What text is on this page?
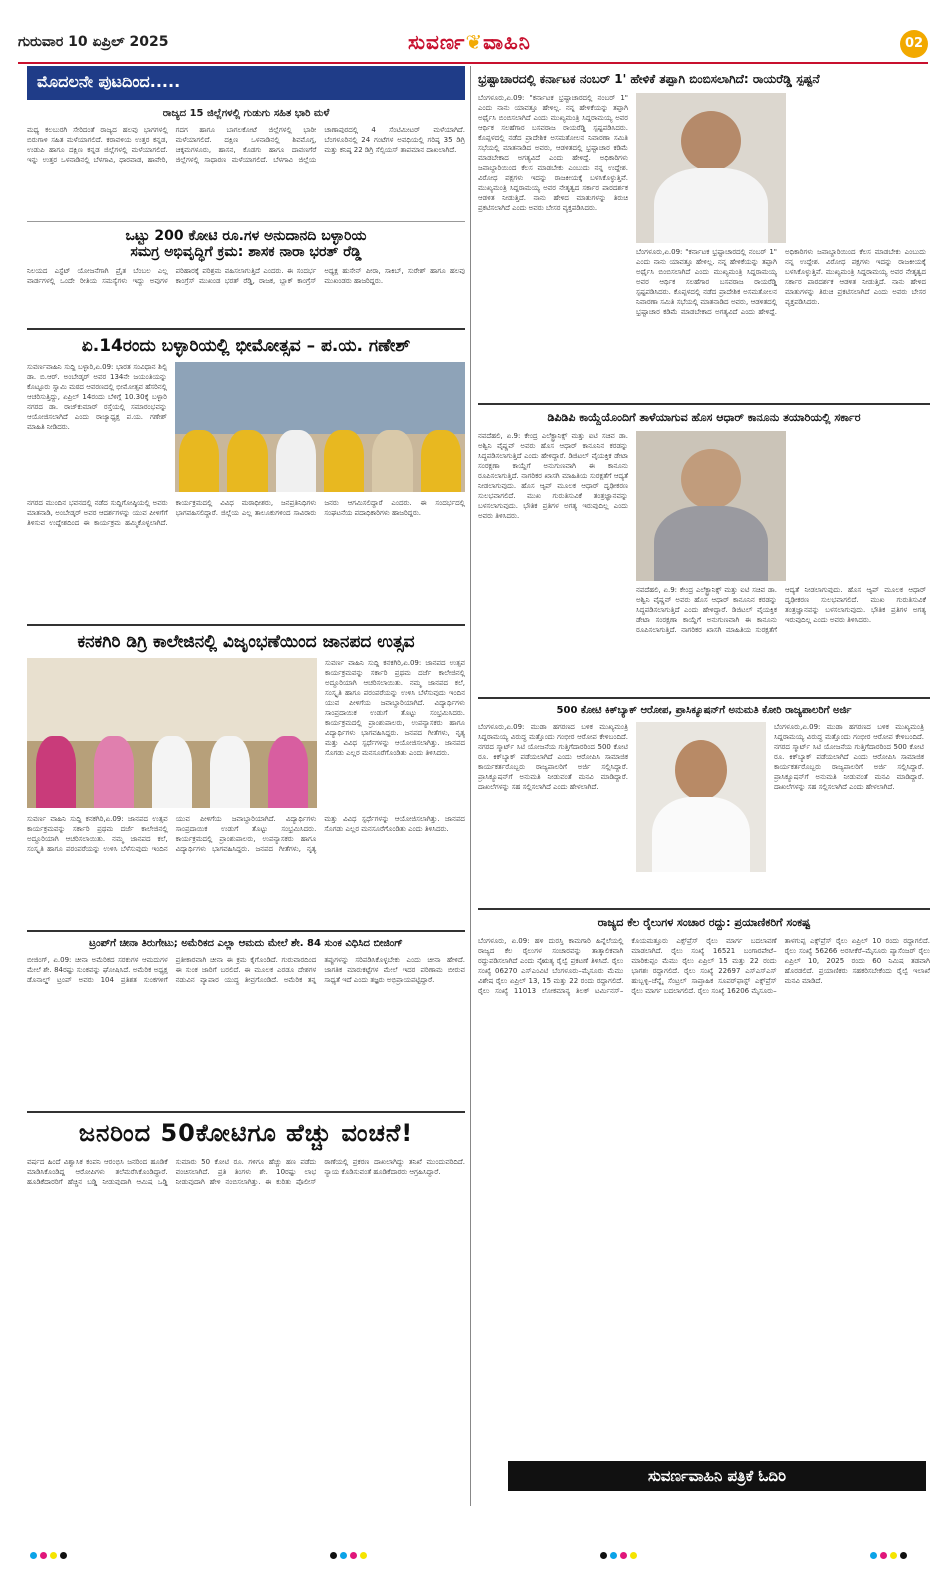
ಗುರುವಾರ 10 ಏಪ್ರಿಲ್ 2025	ಸುವರ್ಣ❦ವಾಹಿನಿ	02
ಮೊದಲನೇ ಪುಟದಿಂದ.....
ರಾಜ್ಯದ 15 ಜಿಲ್ಲೆಗಳಲ್ಲಿ ಗುಡುಗು ಸಹಿತ ಭಾರಿ ಮಳೆ
ಮಧ್ಯ ಕಲಬುರಗಿ ಸೇರಿದಂತೆ ರಾಜ್ಯದ ಹಲವು ಭಾಗಗಳಲ್ಲಿ ಬಿರುಗಾಳಿ ಸಹಿತ ಮಳೆಯಾಗಲಿದೆ. ಕರಾವಳಿಯ ಉತ್ತರ ಕನ್ನಡ, ಉಡುಪಿ ಹಾಗೂ ದಕ್ಷಿಣ ಕನ್ನಡ ಜಿಲ್ಲೆಗಳಲ್ಲಿ ಮಳೆಯಾಗಲಿದೆ. ಇನ್ನು ಉತ್ತರ ಒಳನಾಡಿನಲ್ಲಿ ಬೆಳಗಾವಿ, ಧಾರವಾಡ, ಹಾವೇರಿ, ಗದಗ ಹಾಗೂ ಬಾಗಲಕೋಟೆ ಜಿಲ್ಲೆಗಳಲ್ಲಿ ಭಾರೀ ಮಳೆಯಾಗಲಿದೆ. ದಕ್ಷಿಣ ಒಳನಾಡಿನಲ್ಲಿ ಶಿವಮೊಗ್ಗ, ಚಿಕ್ಕಮಗಳೂರು, ಹಾಸನ, ಕೊಡಗು ಹಾಗೂ ದಾವಣಗೆರೆ ಜಿಲ್ಲೆಗಳಲ್ಲಿ ಸಾಧಾರಣ ಮಳೆಯಾಗಲಿದೆ. ಬೆಳಗಾವಿ ಜಿಲ್ಲೆಯ ಚಾಣಾಪುರದಲ್ಲಿ 4 ಸೆಂಟಿಮೀಟರ್ ಮಳೆಯಾಗಿದೆ. ಬೆಂಗಳೂರಿನಲ್ಲಿ 24 ಗಂಟೆಗಳ ಅವಧಿಯಲ್ಲಿ ಗರಿಷ್ಠ 35 ಡಿಗ್ರಿ ಮತ್ತು ಕನಿಷ್ಠ 22 ಡಿಗ್ರಿ ಸೆಲ್ಸಿಯಸ್ ತಾಪಮಾನ ದಾಖಲಾಗಿದೆ.
ಒಟ್ಟು 200 ಕೋಟಿ ರೂ.ಗಳ ಅನುದಾನದಿ ಬಳ್ಳಾರಿಯ
ಸಮಗ್ರ ಅಭಿವೃದ್ಧಿಗೆ ಕ್ರಮ: ಶಾಸಕ ನಾರಾ ಭರತ್ ರೆಡ್ಡಿ
ನಿಲಯದ ಎಸ್ಟೆಟ್ ಯೋಜನೆಗಾಗಿ ಪ್ರೈತ ಬೆಂಬಲ ಎಲ್ಲ ವಾರ್ಡಗಳಲ್ಲಿ ಒಂದೇ ರೀತಿಯ ಸಮಸ್ಯೆಗಳು ಇದ್ದು ಅವುಗಳ ಪರಿಹಾರಕ್ಕೆ ಪರಿಶ್ರಮ ವಹಿಸಲಾಗುತ್ತಿದೆ ಎಂದರು. ಈ ಸಂದರ್ಭ ಕಾಂಗ್ರೆಸ್ ಮುಖಂಡ ಭರತ್ ರೆಡ್ಡಿ, ರಾಜಕ, ಬ್ಲಾಕ್ ಕಾಂಗ್ರೆಸ್ ಅಧ್ಯಕ್ಷ ಹುಸೇನ್ ಪೀರಾ, ಸಾಕಿಬ್, ಸುರೇಶ್ ಹಾಗೂ ಹಲವು ಮುಖಂಡರು ಹಾಜರಿದ್ದರು.
ಏ.14ರಂದು ಬಳ್ಳಾರಿಯಲ್ಲಿ ಭೀಮೋತ್ಸವ – ಪ.ಯ. ಗಣೇಶ್
ಸುವರ್ಣವಾಹಿನಿ ಸುದ್ದಿ ಬಳ್ಳಾರಿ,ಏ.09: ಭಾರತ ಸಂವಿಧಾನ ಶಿಲ್ಪಿ ಡಾ. ಬಿ.ಆರ್. ಅಂಬೇಡ್ಕರ್ ಅವರ 134ನೇ ಜಯಂತಿಯನ್ನು ಕೊಟ್ಟೂರು ಸ್ವಾಮಿ ಮಠದ ಆವರಣದಲ್ಲಿ ಭೀಮೋತ್ಸವ ಹೆಸರಿನಲ್ಲಿ ಆಚರಿಸುತ್ತಿದ್ದು, ಏಪ್ರಿಲ್ 14ರಂದು ಬೆಳಿಗ್ಗೆ 10.30ಕ್ಕೆ ಬಳ್ಳಾರಿ ನಗರದ ಡಾ. ರಾಜ್‌ಕುಮಾರ್ ರಸ್ತೆಯಲ್ಲಿ ಸಮಾರಂಭವನ್ನು ಆಯೋಜಿಸಲಾಗಿದೆ ಎಂದು ರಾಜ್ಯಾಧ್ಯಕ್ಷ ಪ.ಯ. ಗಣೇಶ್ ಮಾಹಿತಿ ನೀಡಿದರು.
ನಗರದ ಮುಂದಿನ ಭವನದಲ್ಲಿ ನಡೆದ ಸುದ್ದಿಗೋಷ್ಠಿಯಲ್ಲಿ ಅವರು ಮಾತನಾಡಿ, ಅಂಬೇಡ್ಕರ್ ಅವರ ಆದರ್ಶಗಳನ್ನು ಯುವ ಪೀಳಿಗೆಗೆ ತಿಳಿಸುವ ಉದ್ದೇಶದಿಂದ ಈ ಕಾರ್ಯಕ್ರಮ ಹಮ್ಮಿಕೊಳ್ಳಲಾಗಿದೆ. ಕಾರ್ಯಕ್ರಮದಲ್ಲಿ ವಿವಿಧ ಮಠಾಧೀಶರು, ಜನಪ್ರತಿನಿಧಿಗಳು ಭಾಗವಹಿಸಲಿದ್ದಾರೆ. ಜಿಲ್ಲೆಯ ಎಲ್ಲ ತಾಲೂಕುಗಳಿಂದ ಸಾವಿರಾರು ಜನರು ಆಗಮಿಸಲಿದ್ದಾರೆ ಎಂದರು. ಈ ಸಂದರ್ಭದಲ್ಲಿ ಸಂಘಟನೆಯ ಪದಾಧಿಕಾರಿಗಳು ಹಾಜರಿದ್ದರು.
ಕನಕಗಿರಿ ಡಿಗ್ರಿ ಕಾಲೇಜಿನಲ್ಲಿ ವಿಜೃಂಭಣೆಯಿಂದ ಜಾನಪದ ಉತ್ಸವ
ಸುವರ್ಣ ವಾಹಿನಿ ಸುದ್ದಿ ಕನಕಗಿರಿ,ಏ.09: ಜಾನಪದ ಉತ್ಸವ ಕಾರ್ಯಕ್ರಮವನ್ನು ಸರ್ಕಾರಿ ಪ್ರಥಮ ದರ್ಜೆ ಕಾಲೇಜಿನಲ್ಲಿ ಅದ್ದೂರಿಯಾಗಿ ಆಚರಿಸಲಾಯಿತು. ನಮ್ಮ ಜಾನಪದ ಕಲೆ, ಸಂಸ್ಕೃತಿ ಹಾಗೂ ಪರಂಪರೆಯನ್ನು ಉಳಿಸಿ ಬೆಳೆಸುವುದು ಇಂದಿನ ಯುವ ಪೀಳಿಗೆಯ ಜವಾಬ್ದಾರಿಯಾಗಿದೆ. ವಿದ್ಯಾರ್ಥಿಗಳು ಸಾಂಪ್ರದಾಯಿಕ ಉಡುಗೆ ತೊಟ್ಟು ಸಂಭ್ರಮಿಸಿದರು. ಕಾರ್ಯಕ್ರಮದಲ್ಲಿ ಪ್ರಾಂಶುಪಾಲರು, ಉಪನ್ಯಾಸಕರು ಹಾಗೂ ವಿದ್ಯಾರ್ಥಿಗಳು ಭಾಗವಹಿಸಿದ್ದರು. ಜನಪದ ಗೀತೆಗಳು, ನೃತ್ಯ ಮತ್ತು ವಿವಿಧ ಸ್ಪರ್ಧೆಗಳನ್ನು ಆಯೋಜಿಸಲಾಗಿತ್ತು. ಜಾನಪದ ಸೊಗಡು ಎಲ್ಲರ ಮನಸೂರೆಗೊಂಡಿತು ಎಂದು ತಿಳಿಸಿದರು.
ಸುವರ್ಣ ವಾಹಿನಿ ಸುದ್ದಿ ಕನಕಗಿರಿ,ಏ.09: ಜಾನಪದ ಉತ್ಸವ ಕಾರ್ಯಕ್ರಮವನ್ನು ಸರ್ಕಾರಿ ಪ್ರಥಮ ದರ್ಜೆ ಕಾಲೇಜಿನಲ್ಲಿ ಅದ್ದೂರಿಯಾಗಿ ಆಚರಿಸಲಾಯಿತು. ನಮ್ಮ ಜಾನಪದ ಕಲೆ, ಸಂಸ್ಕೃತಿ ಹಾಗೂ ಪರಂಪರೆಯನ್ನು ಉಳಿಸಿ ಬೆಳೆಸುವುದು ಇಂದಿನ ಯುವ ಪೀಳಿಗೆಯ ಜವಾಬ್ದಾರಿಯಾಗಿದೆ. ವಿದ್ಯಾರ್ಥಿಗಳು ಸಾಂಪ್ರದಾಯಿಕ ಉಡುಗೆ ತೊಟ್ಟು ಸಂಭ್ರಮಿಸಿದರು. ಕಾರ್ಯಕ್ರಮದಲ್ಲಿ ಪ್ರಾಂಶುಪಾಲರು, ಉಪನ್ಯಾಸಕರು ಹಾಗೂ ವಿದ್ಯಾರ್ಥಿಗಳು ಭಾಗವಹಿಸಿದ್ದರು. ಜನಪದ ಗೀತೆಗಳು, ನೃತ್ಯ ಮತ್ತು ವಿವಿಧ ಸ್ಪರ್ಧೆಗಳನ್ನು ಆಯೋಜಿಸಲಾಗಿತ್ತು. ಜಾನಪದ ಸೊಗಡು ಎಲ್ಲರ ಮನಸೂರೆಗೊಂಡಿತು ಎಂದು ತಿಳಿಸಿದರು.
ಟ್ರಂಪ್‌ಗೆ ಚೀನಾ ತಿರುಗೇಟು; ಅಮೆರಿಕದ ಎಲ್ಲಾ ಆಮದು ಮೇಲೆ ಶೇ. 84 ಸುಂಕ ವಿಧಿಸಿದ ಬೀಜಿಂಗ್
ಬೀಜಿಂಗ್, ಏ.09: ಚೀನಾ ಅಮೆರಿಕದ ಸರಕುಗಳ ಆಮದುಗಳ ಮೇಲೆ ಶೇ. 84ರಷ್ಟು ಸುಂಕವನ್ನು ಘೋಷಿಸಿದೆ. ಅಮೆರಿಕ ಅಧ್ಯಕ್ಷ ಡೊನಾಲ್ಡ್ ಟ್ರಂಪ್ ಅವರು 104 ಪ್ರತಿಶತ ಸುಂಕಗಳಿಗೆ ಪ್ರತೀಕಾರವಾಗಿ ಚೀನಾ ಈ ಕ್ರಮ ಕೈಗೊಂಡಿದೆ. ಗುರುವಾರದಿಂದ ಈ ಸುಂಕ ಜಾರಿಗೆ ಬರಲಿದೆ. ಈ ಮೂಲಕ ಎರಡೂ ದೇಶಗಳ ನಡುವಿನ ವ್ಯಾಪಾರ ಯುದ್ಧ ತೀವ್ರಗೊಂಡಿದೆ. ಅಮೆರಿಕ ತನ್ನ ತಪ್ಪುಗಳನ್ನು ಸರಿಪಡಿಸಿಕೊಳ್ಳಬೇಕು ಎಂದು ಚೀನಾ ಹೇಳಿದೆ. ಜಾಗತಿಕ ಮಾರುಕಟ್ಟೆಗಳ ಮೇಲೆ ಇದರ ಪರಿಣಾಮ ಬೀರುವ ಸಾಧ್ಯತೆ ಇದೆ ಎಂದು ತಜ್ಞರು ಅಭಿಪ್ರಾಯಪಟ್ಟಿದ್ದಾರೆ.
ಜನರಿಂದ 50ಕೋಟಿಗೂ ಹೆಚ್ಚು ವಂಚನೆ!
ವರ್ಷದ ಹಿಂದೆ ವಿಶ್ವಾಸಿಕ ಕಂಪನಿ ಆರಂಭಿಸಿ ಜನರಿಂದ ಹೂಡಿಕೆ ಮಾಡಿಸಿಕೊಂಡಿದ್ದ ಆರೋಪಿಗಳು ತಲೆಮರೆಸಿಕೊಂಡಿದ್ದಾರೆ. ಹೂಡಿಕೆದಾರರಿಗೆ ಹೆಚ್ಚಿನ ಬಡ್ಡಿ ನೀಡುವುದಾಗಿ ಆಮಿಷ ಒಡ್ಡಿ ಸುಮಾರು 50 ಕೋಟಿ ರೂ. ಗಳಿಗೂ ಹೆಚ್ಚು ಹಣ ಪಡೆದು ವಂಚಿಸಲಾಗಿದೆ. ಪ್ರತಿ ತಿಂಗಳು ಶೇ. 10ರಷ್ಟು ಲಾಭ ನೀಡುವುದಾಗಿ ಹೇಳಿ ನಂಬಿಸಲಾಗಿತ್ತು. ಈ ಕುರಿತು ಪೊಲೀಸ್ ಠಾಣೆಯಲ್ಲಿ ಪ್ರಕರಣ ದಾಖಲಾಗಿದ್ದು ತನಿಖೆ ಮುಂದುವರಿದಿದೆ. ನ್ಯಾಯ ಕೊಡಿಸುವಂತೆ ಹೂಡಿಕೆದಾರರು ಆಗ್ರಹಿಸಿದ್ದಾರೆ.
ಭ್ರಷ್ಟಾಚಾರದಲ್ಲಿ ಕರ್ನಾಟಕ ನಂಬರ್ 1' ಹೇಳಿಕೆ ತಪ್ಪಾಗಿ ಬಿಂಬಿಸಲಾಗಿದೆ: ರಾಯರೆಡ್ಡಿ ಸ್ಪಷ್ಟನೆ
ಬೆಂಗಳೂರು,ಏ.09: "ಕರ್ನಾಟಕ ಭ್ರಷ್ಟಾಚಾರದಲ್ಲಿ ನಂಬರ್ 1" ಎಂದು ನಾನು ಯಾವತ್ತೂ ಹೇಳಿಲ್ಲ. ನನ್ನ ಹೇಳಿಕೆಯನ್ನು ತಪ್ಪಾಗಿ ಅರ್ಥೈಸಿ ಬಿಂಬಿಸಲಾಗಿದೆ ಎಂದು ಮುಖ್ಯಮಂತ್ರಿ ಸಿದ್ದರಾಮಯ್ಯ ಅವರ ಆರ್ಥಿಕ ಸಲಹೆಗಾರ ಬಸವರಾಜ ರಾಯರೆಡ್ಡಿ ಸ್ಪಷ್ಟಪಡಿಸಿದರು. ಕೊಪ್ಪಳದಲ್ಲಿ ನಡೆದ ಪ್ರಾದೇಶಿಕ ಅಸಮತೋಲನ ನಿವಾರಣಾ ಸಮಿತಿ ಸಭೆಯಲ್ಲಿ ಮಾತನಾಡಿದ ಅವರು, ಆಡಳಿತದಲ್ಲಿ ಭ್ರಷ್ಟಾಚಾರ ಕಡಿಮೆ ಮಾಡಬೇಕಾದ ಅಗತ್ಯವಿದೆ ಎಂದು ಹೇಳಿದ್ದೆ. ಅಧಿಕಾರಿಗಳು ಜವಾಬ್ದಾರಿಯಿಂದ ಕೆಲಸ ಮಾಡಬೇಕು ಎಂಬುದು ನನ್ನ ಉದ್ದೇಶ. ವಿರೋಧ ಪಕ್ಷಗಳು ಇದನ್ನು ರಾಜಕೀಯಕ್ಕೆ ಬಳಸಿಕೊಳ್ಳುತ್ತಿವೆ. ಮುಖ್ಯಮಂತ್ರಿ ಸಿದ್ದರಾಮಯ್ಯ ಅವರ ನೇತೃತ್ವದ ಸರ್ಕಾರ ಪಾರದರ್ಶಕ ಆಡಳಿತ ನೀಡುತ್ತಿದೆ. ನಾನು ಹೇಳಿದ ಮಾತುಗಳನ್ನು ತಿರುಚಿ ಪ್ರಕಟಿಸಲಾಗಿದೆ ಎಂದು ಅವರು ಬೇಸರ ವ್ಯಕ್ತಪಡಿಸಿದರು.
ಬೆಂಗಳೂರು,ಏ.09: "ಕರ್ನಾಟಕ ಭ್ರಷ್ಟಾಚಾರದಲ್ಲಿ ನಂಬರ್ 1" ಎಂದು ನಾನು ಯಾವತ್ತೂ ಹೇಳಿಲ್ಲ. ನನ್ನ ಹೇಳಿಕೆಯನ್ನು ತಪ್ಪಾಗಿ ಅರ್ಥೈಸಿ ಬಿಂಬಿಸಲಾಗಿದೆ ಎಂದು ಮುಖ್ಯಮಂತ್ರಿ ಸಿದ್ದರಾಮಯ್ಯ ಅವರ ಆರ್ಥಿಕ ಸಲಹೆಗಾರ ಬಸವರಾಜ ರಾಯರೆಡ್ಡಿ ಸ್ಪಷ್ಟಪಡಿಸಿದರು. ಕೊಪ್ಪಳದಲ್ಲಿ ನಡೆದ ಪ್ರಾದೇಶಿಕ ಅಸಮತೋಲನ ನಿವಾರಣಾ ಸಮಿತಿ ಸಭೆಯಲ್ಲಿ ಮಾತನಾಡಿದ ಅವರು, ಆಡಳಿತದಲ್ಲಿ ಭ್ರಷ್ಟಾಚಾರ ಕಡಿಮೆ ಮಾಡಬೇಕಾದ ಅಗತ್ಯವಿದೆ ಎಂದು ಹೇಳಿದ್ದೆ. ಅಧಿಕಾರಿಗಳು ಜವಾಬ್ದಾರಿಯಿಂದ ಕೆಲಸ ಮಾಡಬೇಕು ಎಂಬುದು ನನ್ನ ಉದ್ದೇಶ. ವಿರೋಧ ಪಕ್ಷಗಳು ಇದನ್ನು ರಾಜಕೀಯಕ್ಕೆ ಬಳಸಿಕೊಳ್ಳುತ್ತಿವೆ. ಮುಖ್ಯಮಂತ್ರಿ ಸಿದ್ದರಾಮಯ್ಯ ಅವರ ನೇತೃತ್ವದ ಸರ್ಕಾರ ಪಾರದರ್ಶಕ ಆಡಳಿತ ನೀಡುತ್ತಿದೆ. ನಾನು ಹೇಳಿದ ಮಾತುಗಳನ್ನು ತಿರುಚಿ ಪ್ರಕಟಿಸಲಾಗಿದೆ ಎಂದು ಅವರು ಬೇಸರ ವ್ಯಕ್ತಪಡಿಸಿದರು.
ಡಿಪಿಡಿಪಿ ಕಾಯ್ದೆಯೊಂದಿಗೆ ತಾಳೆಯಾಗುವ ಹೊಸ ಆಧಾರ್ ಕಾನೂನು ತಯಾರಿಯಲ್ಲಿ ಸರ್ಕಾರ
ನವದೆಹಲಿ, ಏ.9: ಕೇಂದ್ರ ಎಲೆಕ್ಟ್ರಾನಿಕ್ಸ್ ಮತ್ತು ಐಟಿ ಸಚಿವ ಡಾ. ಅಶ್ವಿನಿ ವೈಷ್ಣವ್ ಅವರು ಹೊಸ ಆಧಾರ್ ಕಾನೂನಿನ ಕರಡನ್ನು ಸಿದ್ಧಪಡಿಸಲಾಗುತ್ತಿದೆ ಎಂದು ಹೇಳಿದ್ದಾರೆ. ಡಿಜಿಟಲ್ ವೈಯಕ್ತಿಕ ಡೇಟಾ ಸಂರಕ್ಷಣಾ ಕಾಯ್ದೆಗೆ ಅನುಗುಣವಾಗಿ ಈ ಕಾನೂನು ರೂಪಿಸಲಾಗುತ್ತಿದೆ. ನಾಗರಿಕರ ಖಾಸಗಿ ಮಾಹಿತಿಯ ಸುರಕ್ಷತೆಗೆ ಆದ್ಯತೆ ನೀಡಲಾಗುವುದು. ಹೊಸ ಆ್ಯಪ್ ಮೂಲಕ ಆಧಾರ್ ದೃಢೀಕರಣ ಸುಲಭವಾಗಲಿದೆ. ಮುಖ ಗುರುತಿಸುವಿಕೆ ತಂತ್ರಜ್ಞಾನವನ್ನು ಬಳಸಲಾಗುವುದು. ಭೌತಿಕ ಪ್ರತಿಗಳ ಅಗತ್ಯ ಇರುವುದಿಲ್ಲ ಎಂದು ಅವರು ತಿಳಿಸಿದರು.
ನವದೆಹಲಿ, ಏ.9: ಕೇಂದ್ರ ಎಲೆಕ್ಟ್ರಾನಿಕ್ಸ್ ಮತ್ತು ಐಟಿ ಸಚಿವ ಡಾ. ಅಶ್ವಿನಿ ವೈಷ್ಣವ್ ಅವರು ಹೊಸ ಆಧಾರ್ ಕಾನೂನಿನ ಕರಡನ್ನು ಸಿದ್ಧಪಡಿಸಲಾಗುತ್ತಿದೆ ಎಂದು ಹೇಳಿದ್ದಾರೆ. ಡಿಜಿಟಲ್ ವೈಯಕ್ತಿಕ ಡೇಟಾ ಸಂರಕ್ಷಣಾ ಕಾಯ್ದೆಗೆ ಅನುಗುಣವಾಗಿ ಈ ಕಾನೂನು ರೂಪಿಸಲಾಗುತ್ತಿದೆ. ನಾಗರಿಕರ ಖಾಸಗಿ ಮಾಹಿತಿಯ ಸುರಕ್ಷತೆಗೆ ಆದ್ಯತೆ ನೀಡಲಾಗುವುದು. ಹೊಸ ಆ್ಯಪ್ ಮೂಲಕ ಆಧಾರ್ ದೃಢೀಕರಣ ಸುಲಭವಾಗಲಿದೆ. ಮುಖ ಗುರುತಿಸುವಿಕೆ ತಂತ್ರಜ್ಞಾನವನ್ನು ಬಳಸಲಾಗುವುದು. ಭೌತಿಕ ಪ್ರತಿಗಳ ಅಗತ್ಯ ಇರುವುದಿಲ್ಲ ಎಂದು ಅವರು ತಿಳಿಸಿದರು.
500 ಕೋಟಿ ಕಿಕ್‌ಬ್ಯಾಕ್ ಆರೋಪ, ಪ್ರಾಸಿಕ್ಯೂಷನ್‌ಗೆ ಅನುಮತಿ ಕೋರಿ ರಾಜ್ಯಪಾಲರಿಗೆ ಅರ್ಜಿ
ಬೆಂಗಳೂರು,ಏ.09: ಮುಡಾ ಹಗರಣದ ಬಳಿಕ ಮುಖ್ಯಮಂತ್ರಿ ಸಿದ್ದರಾಮಯ್ಯ ವಿರುದ್ಧ ಮತ್ತೊಂದು ಗಂಭೀರ ಆರೋಪ ಕೇಳಿಬಂದಿದೆ. ನಗರದ ಸ್ಮಾರ್ಟ್ ಸಿಟಿ ಯೋಜನೆಯ ಗುತ್ತಿಗೆದಾರರಿಂದ 500 ಕೋಟಿ ರೂ. ಕಿಕ್‌ಬ್ಯಾಕ್ ಪಡೆಯಲಾಗಿದೆ ಎಂದು ಆರೋಪಿಸಿ ಸಾಮಾಜಿಕ ಕಾರ್ಯಕರ್ತರೊಬ್ಬರು ರಾಜ್ಯಪಾಲರಿಗೆ ಅರ್ಜಿ ಸಲ್ಲಿಸಿದ್ದಾರೆ. ಪ್ರಾಸಿಕ್ಯೂಷನ್‌ಗೆ ಅನುಮತಿ ನೀಡುವಂತೆ ಮನವಿ ಮಾಡಿದ್ದಾರೆ. ದಾಖಲೆಗಳನ್ನು ಸಹ ಸಲ್ಲಿಸಲಾಗಿದೆ ಎಂದು ಹೇಳಲಾಗಿದೆ.
ಬೆಂಗಳೂರು,ಏ.09: ಮುಡಾ ಹಗರಣದ ಬಳಿಕ ಮುಖ್ಯಮಂತ್ರಿ ಸಿದ್ದರಾಮಯ್ಯ ವಿರುದ್ಧ ಮತ್ತೊಂದು ಗಂಭೀರ ಆರೋಪ ಕೇಳಿಬಂದಿದೆ. ನಗರದ ಸ್ಮಾರ್ಟ್ ಸಿಟಿ ಯೋಜನೆಯ ಗುತ್ತಿಗೆದಾರರಿಂದ 500 ಕೋಟಿ ರೂ. ಕಿಕ್‌ಬ್ಯಾಕ್ ಪಡೆಯಲಾಗಿದೆ ಎಂದು ಆರೋಪಿಸಿ ಸಾಮಾಜಿಕ ಕಾರ್ಯಕರ್ತರೊಬ್ಬರು ರಾಜ್ಯಪಾಲರಿಗೆ ಅರ್ಜಿ ಸಲ್ಲಿಸಿದ್ದಾರೆ. ಪ್ರಾಸಿಕ್ಯೂಷನ್‌ಗೆ ಅನುಮತಿ ನೀಡುವಂತೆ ಮನವಿ ಮಾಡಿದ್ದಾರೆ. ದಾಖಲೆಗಳನ್ನು ಸಹ ಸಲ್ಲಿಸಲಾಗಿದೆ ಎಂದು ಹೇಳಲಾಗಿದೆ.
ರಾಜ್ಯದ ಕೆಲ ರೈಲುಗಳ ಸಂಚಾರ ರದ್ದು: ಪ್ರಯಾಣಿಕರಿಗೆ ಸಂಕಷ್ಟ
ಬೆಂಗಳೂರು, ಏ.09: ಹಳಿ ದುರಸ್ತಿ ಕಾಮಗಾರಿ ಹಿನ್ನೆಲೆಯಲ್ಲಿ ರಾಜ್ಯದ ಕೆಲ ರೈಲುಗಳ ಸಂಚಾರವನ್ನು ತಾತ್ಕಾಲಿಕವಾಗಿ ರದ್ದುಪಡಿಸಲಾಗಿದೆ ಎಂದು ನೈಋತ್ಯ ರೈಲ್ವೆ ಪ್ರಕಟಣೆ ತಿಳಿಸಿದೆ. ರೈಲು ಸಂಖ್ಯೆ 06270 ಎಸ್‌ಎಂವಿಟಿ ಬೆಂಗಳೂರು–ಮೈಸೂರು ಮೆಮು ವಿಶೇಷ ರೈಲು ಏಪ್ರಿಲ್ 13, 15 ಮತ್ತು 22 ರಂದು ರದ್ದಾಗಲಿದೆ. ರೈಲು ಸಂಖ್ಯೆ 11013 ಲೋಕಮಾನ್ಯ ತಿಲಕ್ ಟರ್ಮಿನಸ್–ಕೊಯಮತ್ತೂರು ಎಕ್ಸ್‌ಪ್ರೆಸ್ ರೈಲು ಮಾರ್ಗ ಬದಲಾವಣೆ ಮಾಡಲಾಗಿದೆ. ರೈಲು ಸಂಖ್ಯೆ 16521 ಬಂಗಾರಪೇಟೆ–ಮಾರಿಕುಪ್ಪಂ ಮೆಮು ರೈಲು ಏಪ್ರಿಲ್ 15 ಮತ್ತು 22 ರಂದು ಭಾಗಶಃ ರದ್ದಾಗಲಿದೆ. ರೈಲು ಸಂಖ್ಯೆ 22697 ಎಸ್‌ಎಸ್‌ಎಸ್ ಹುಬ್ಬಳ್ಳಿ–ಚೆನ್ನೈ ಸೆಂಟ್ರಲ್ ಸಾಪ್ತಾಹಿಕ ಸೂಪರ್‌ಫಾಸ್ಟ್ ಎಕ್ಸ್‌ಪ್ರೆಸ್ ರೈಲು ಮಾರ್ಗ ಬದಲಾಗಲಿದೆ. ರೈಲು ಸಂಖ್ಯೆ 16206 ಮೈಸೂರು–ತಾಳಗುಪ್ಪ ಎಕ್ಸ್‌ಪ್ರೆಸ್ ರೈಲು ಏಪ್ರಿಲ್ 10 ರಂದು ರದ್ದಾಗಲಿದೆ. ರೈಲು ಸಂಖ್ಯೆ 56266 ಅರಸೀಕೆರೆ–ಮೈಸೂರು ಪ್ಯಾಸೆಂಜರ್ ರೈಲು ಏಪ್ರಿಲ್ 10, 2025 ರಂದು 60 ನಿಮಿಷ ತಡವಾಗಿ ಹೊರಡಲಿದೆ. ಪ್ರಯಾಣಿಕರು ಸಹಕರಿಸಬೇಕೆಂದು ರೈಲ್ವೆ ಇಲಾಖೆ ಮನವಿ ಮಾಡಿದೆ.
ಸುವರ್ಣವಾಹಿನಿ ಪತ್ರಿಕೆ ಓದಿರಿ
